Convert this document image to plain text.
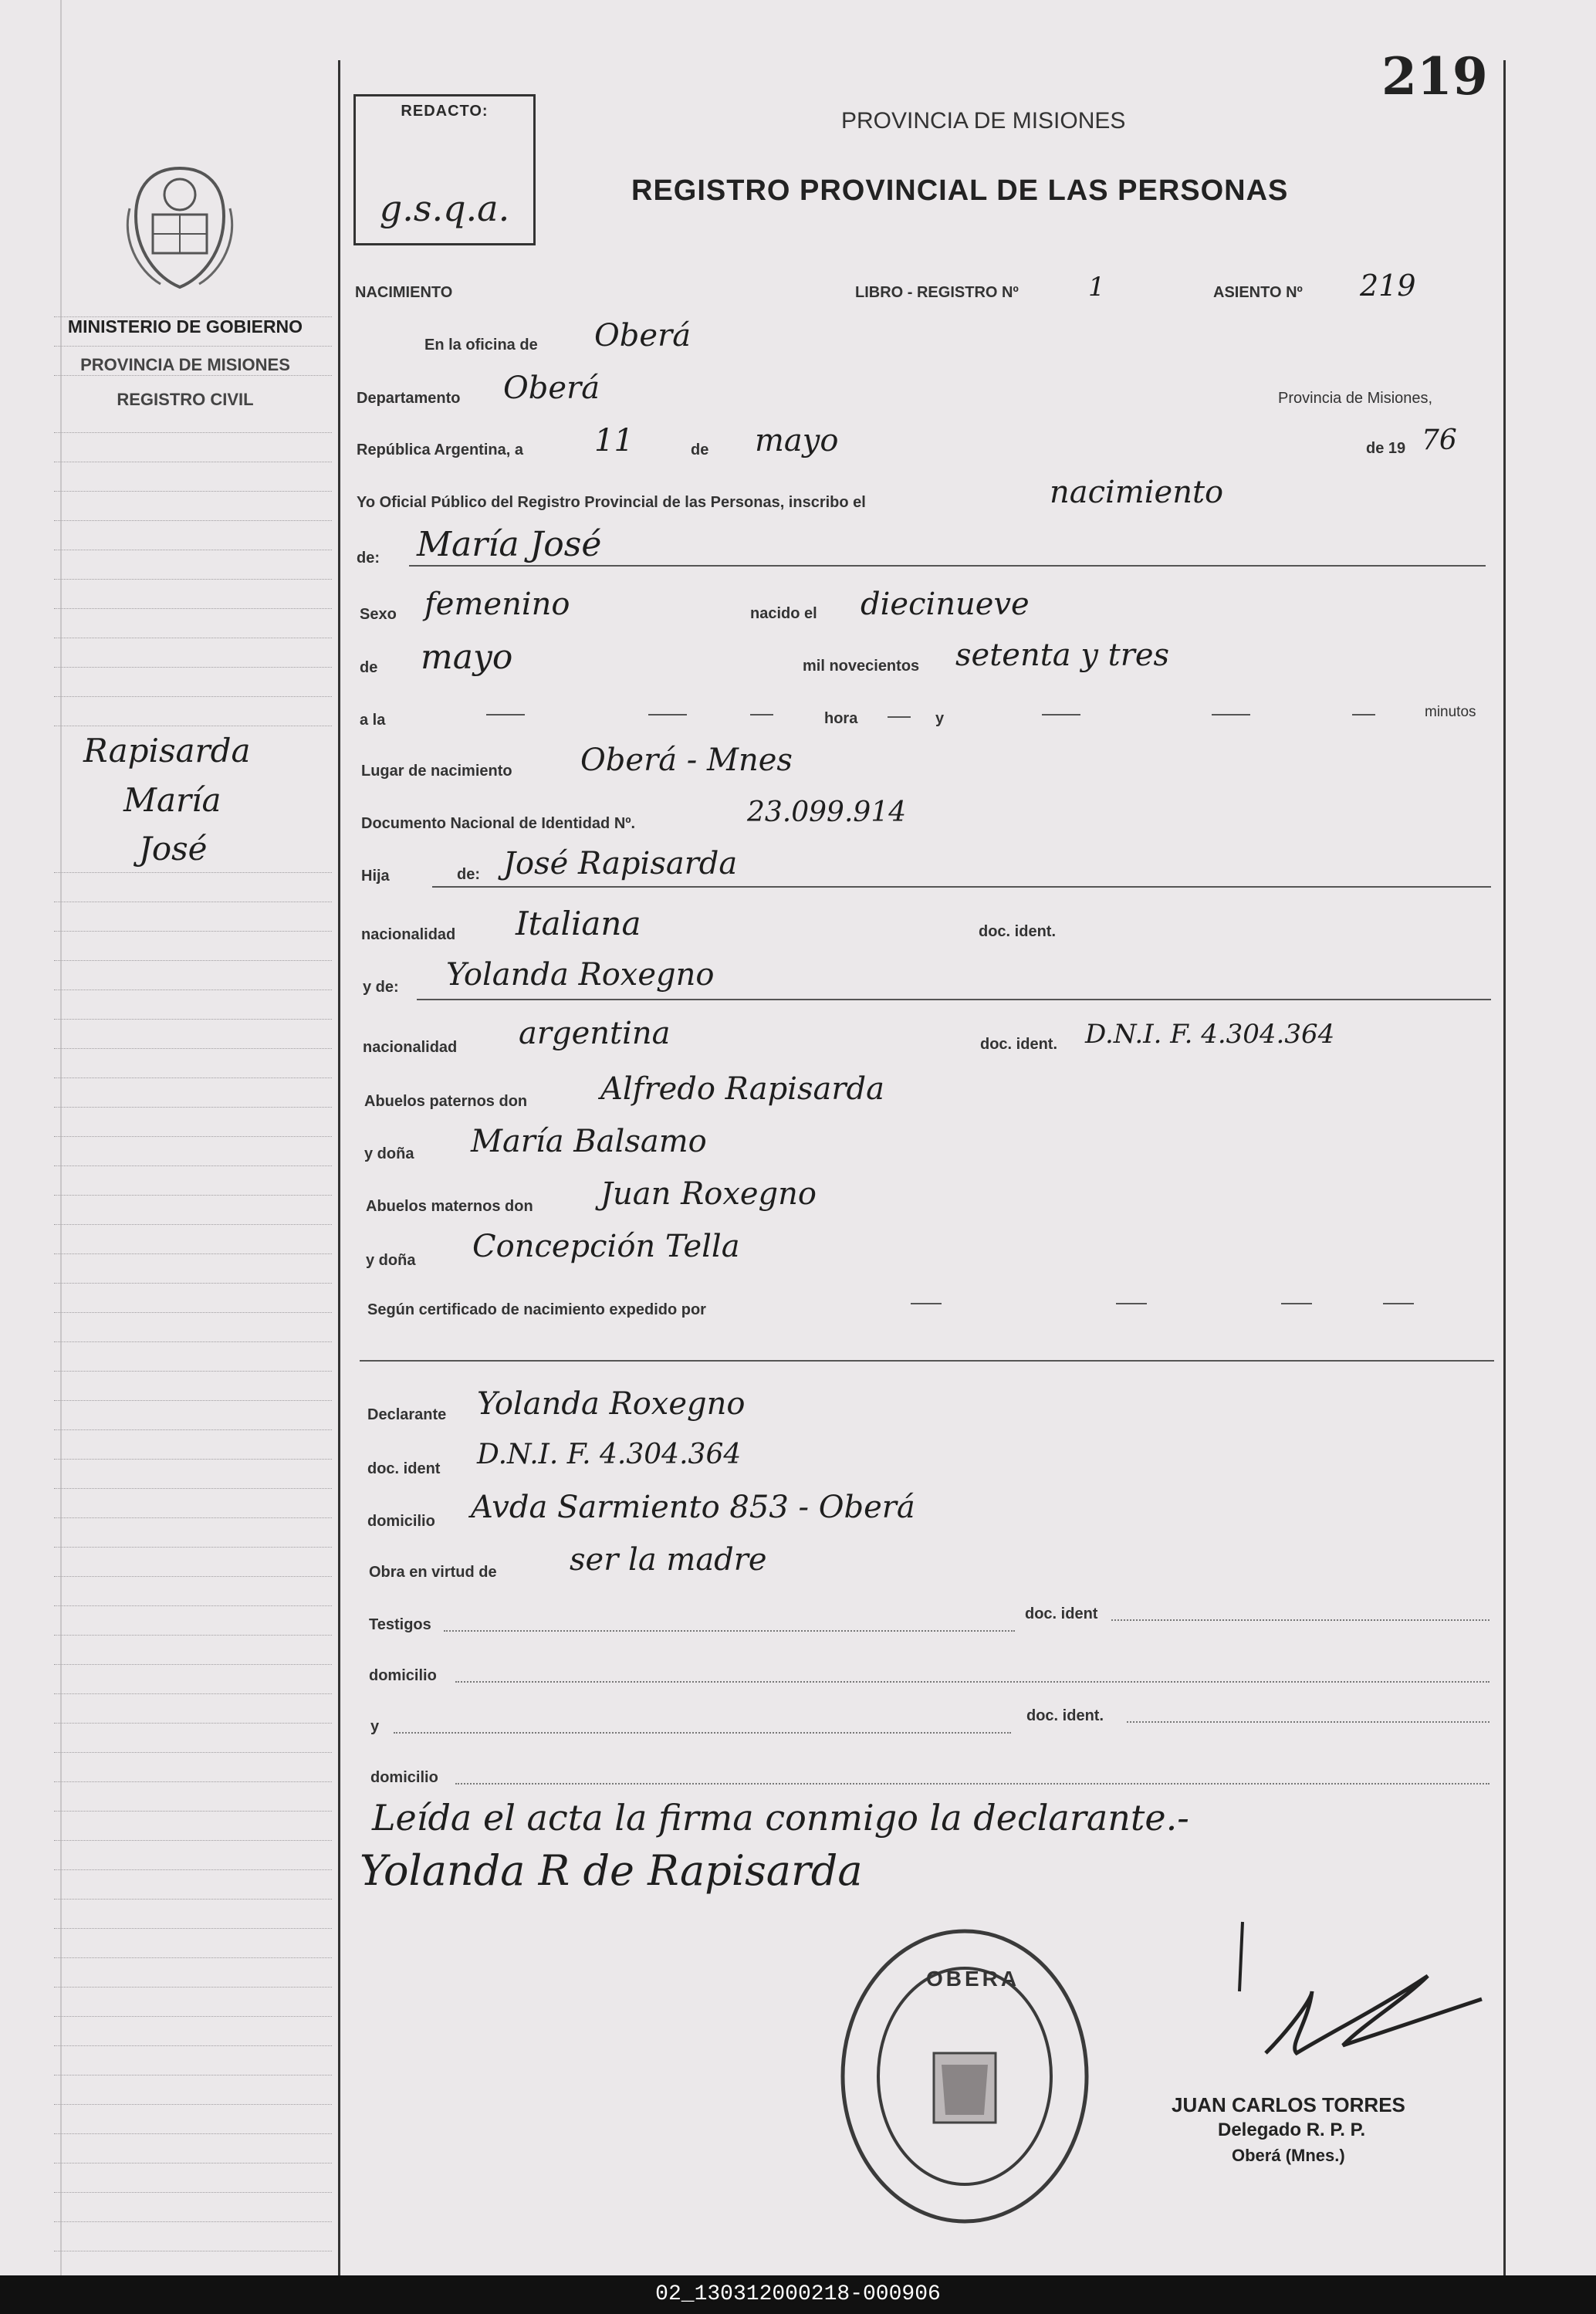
MINISTERIO DE GOBIERNO
PROVINCIA DE MISIONES
REGISTRO CIVIL
Rapisarda
María
José
219
REDACTO:
g.s.q.a.
PROVINCIA DE MISIONES
REGISTRO PROVINCIAL DE LAS PERSONAS
NACIMIENTO	LIBRO - REGISTRO Nº	1	ASIENTO Nº 219
En la oficina de Oberá
Departamento Oberá	Provincia de Misiones,
República Argentina, a 11	de mayo	de 19 76
Yo Oficial Público del Registro Provincial de las Personas, inscribo el	nacimiento
de: María José
Sexo femenino	nacido el diecinueve
de mayo	mil novecientos setenta y tres
a la	hora	y	minutos
Lugar de nacimiento Oberá - Mnes
Documento Nacional de Identidad Nº.	23.099.914
Hija	de: José Rapisarda
nacionalidad Italiana	doc. ident.
y de: Yolanda Roxegno
nacionalidad argentina	doc. ident. D.N.I. F. 4.304.364
Abuelos paternos don Alfredo Rapisarda
y doña María Balsamo
Abuelos maternos don Juan Roxegno
y doña Concepción Tella
Según certificado de nacimiento expedido por
Declarante Yolanda Roxegno
doc. ident D.N.I. F. 4.304.364
domicilio Avda Sarmiento 853 - Oberá
Obra en virtud de ser la madre
Testigos
doc. ident
domicilio
y
doc. ident.
domicilio
Leída el acta la firma conmigo la declarante.-
Yolanda R de Rapisarda
OBERA
JUAN CARLOS TORRES
Delegado R. P. P.
Oberá (Mnes.)
02_130312000218-000906
